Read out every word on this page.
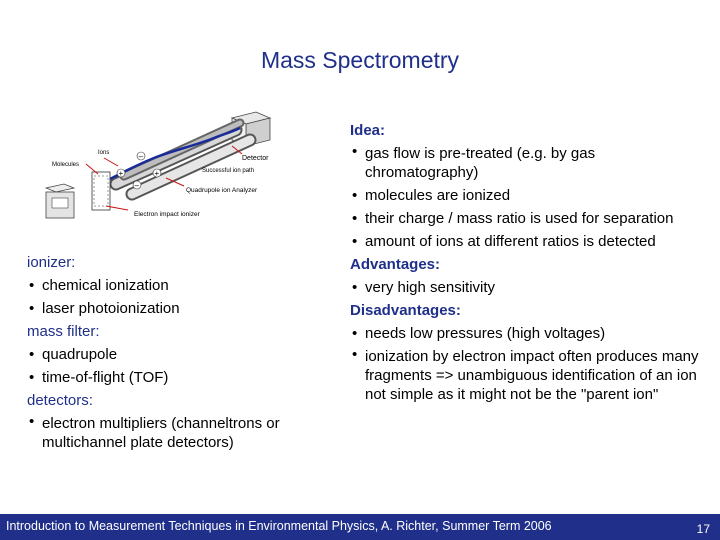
Mass Spectrometry
–
+	+
–
Ions
Molecules
Detector
Successful ion path
Quadrupole ion Analyzer
Electron impact ionizer
ionizer:
• chemical ionization
• laser photoionization
mass filter:
• quadrupole
• time-of-flight (TOF)
detectors:
• electron multipliers (channeltrons or multichannel plate detectors)
Idea:
• gas flow is pre-treated (e.g. by gas chromatography)
• molecules are ionized
• their charge / mass ratio is used for separation
• amount of ions at different ratios is detected
Advantages:
• very high sensitivity
Disadvantages:
• needs low pressures (high voltages)
• ionization by electron impact often produces many fragments => unambiguous identification of an ion not simple as it might not be the "parent ion"
Introduction to Measurement Techniques in Environmental Physics, A. Richter, Summer Term 2006	17
